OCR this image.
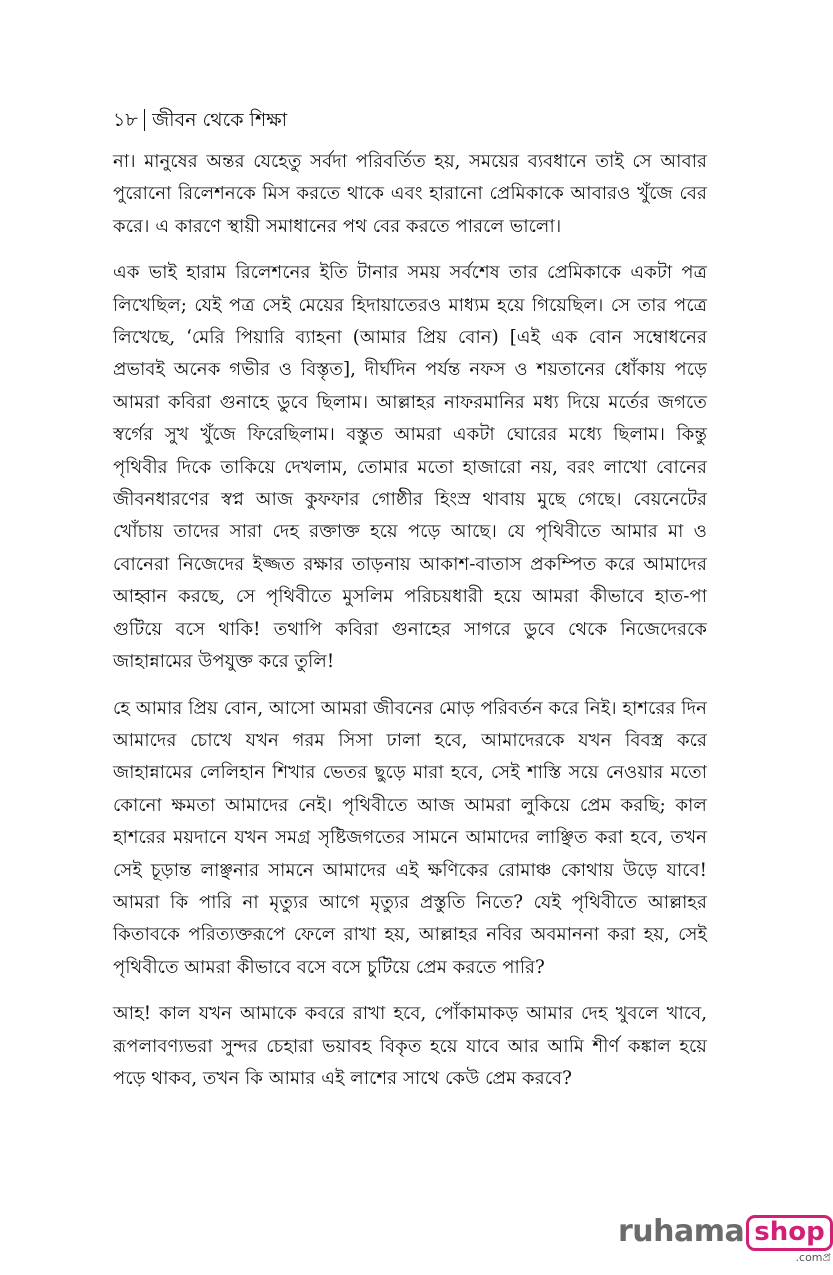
১৮ জীবন থেকে শিক্ষা

না। মানুষের অন্তর যেহেতু সর্বদা পরিবর্তিত হয়, সময়ের ব্যবধানে তাই সে আবার পুরোনো রিলেশনকে মিস করতে থাকে এবং হারানো প্রেমিকাকে আবারও খুঁজে বের করে। এ কারণে স্থায়ী সমাধানের পথ বের করতে পারলে ভালো।

এক ভাই হারাম রিলেশনের ইতি টানার সময় সর্বশেষ তার প্রেমিকাকে একটা পত্র লিখেছিল; যেই পত্র সেই মেয়ের হিদায়াতেরও মাধ্যম হয়ে গিয়েছিল। সে তার পত্রে লিখেছে, ‘মেরি পিয়ারি ব্যাহনা (আমার প্রিয় বোন) [এই এক বোন সম্বোধনের প্রভাবই অনেক গভীর ও বিস্তৃত], দীর্ঘদিন পর্যন্ত নফস ও শয়তানের ধোঁকায় পড়ে আমরা কবিরা গুনাহে ডুবে ছিলাম। আল্লাহর নাফরমানির মধ্য দিয়ে মর্তের জগতে স্বর্গের সুখ খুঁজে ফিরেছিলাম। বস্তুত আমরা একটা ঘোরের মধ্যে ছিলাম। কিন্তু পৃথিবীর দিকে তাকিয়ে দেখলাম, তোমার মতো হাজারো নয়, বরং লাখো বোনের জীবনধারণের স্বপ্ন আজ কুফফার গোষ্ঠীর হিংস্র থাবায় মুছে গেছে। বেয়নেটের খোঁচায় তাদের সারা দেহ রক্তাক্ত হয়ে পড়ে আছে। যে পৃথিবীতে আমার মা ও বোনেরা নিজেদের ইজ্জত রক্ষার তাড়নায় আকাশ-বাতাস প্রকম্পিত করে আমাদের আহ্বান করছে, সে পৃথিবীতে মুসলিম পরিচয়ধারী হয়ে আমরা কীভাবে হাত-পা গুটিয়ে বসে থাকি! তথাপি কবিরা গুনাহের সাগরে ডুবে থেকে নিজেদেরকে জাহান্নামের উপযুক্ত করে তুলি!

হে আমার প্রিয় বোন, আসো আমরা জীবনের মোড় পরিবর্তন করে নিই। হাশরের দিন আমাদের চোখে যখন গরম সিসা ঢালা হবে, আমাদেরকে যখন বিবস্ত্র করে জাহান্নামের লেলিহান শিখার ভেতর ছুড়ে মারা হবে, সেই শাস্তি সয়ে নেওয়ার মতো কোনো ক্ষমতা আমাদের নেই। পৃথিবীতে আজ আমরা লুকিয়ে প্রেম করছি; কাল হাশরের ময়দানে যখন সমগ্র সৃষ্টিজগতের সামনে আমাদের লাঞ্ছিত করা হবে, তখন সেই চূড়ান্ত লাঞ্ছনার সামনে আমাদের এই ক্ষণিকের রোমাঞ্চ কোথায় উড়ে যাবে! আমরা কি পারি না মৃত্যুর আগে মৃত্যুর প্রস্তুতি নিতে? যেই পৃথিবীতে আল্লাহর কিতাবকে পরিত্যক্তরূপে ফেলে রাখা হয়, আল্লাহর নবির অবমাননা করা হয়, সেই পৃথিবীতে আমরা কীভাবে বসে বসে চুটিয়ে প্রেম করতে পারি?

আহ! কাল যখন আমাকে কবরে রাখা হবে, পোঁকামাকড় আমার দেহ খুবলে খাবে, রূপলাবণ্যভরা সুন্দর চেহারা ভয়াবহ বিকৃত হয়ে যাবে আর আমি শীর্ণ কঙ্কাল হয়ে পড়ে থাকব, তখন কি আমার এই লাশের সাথে কেউ প্রেম করবে?

ruhama shop
.comপ্র
